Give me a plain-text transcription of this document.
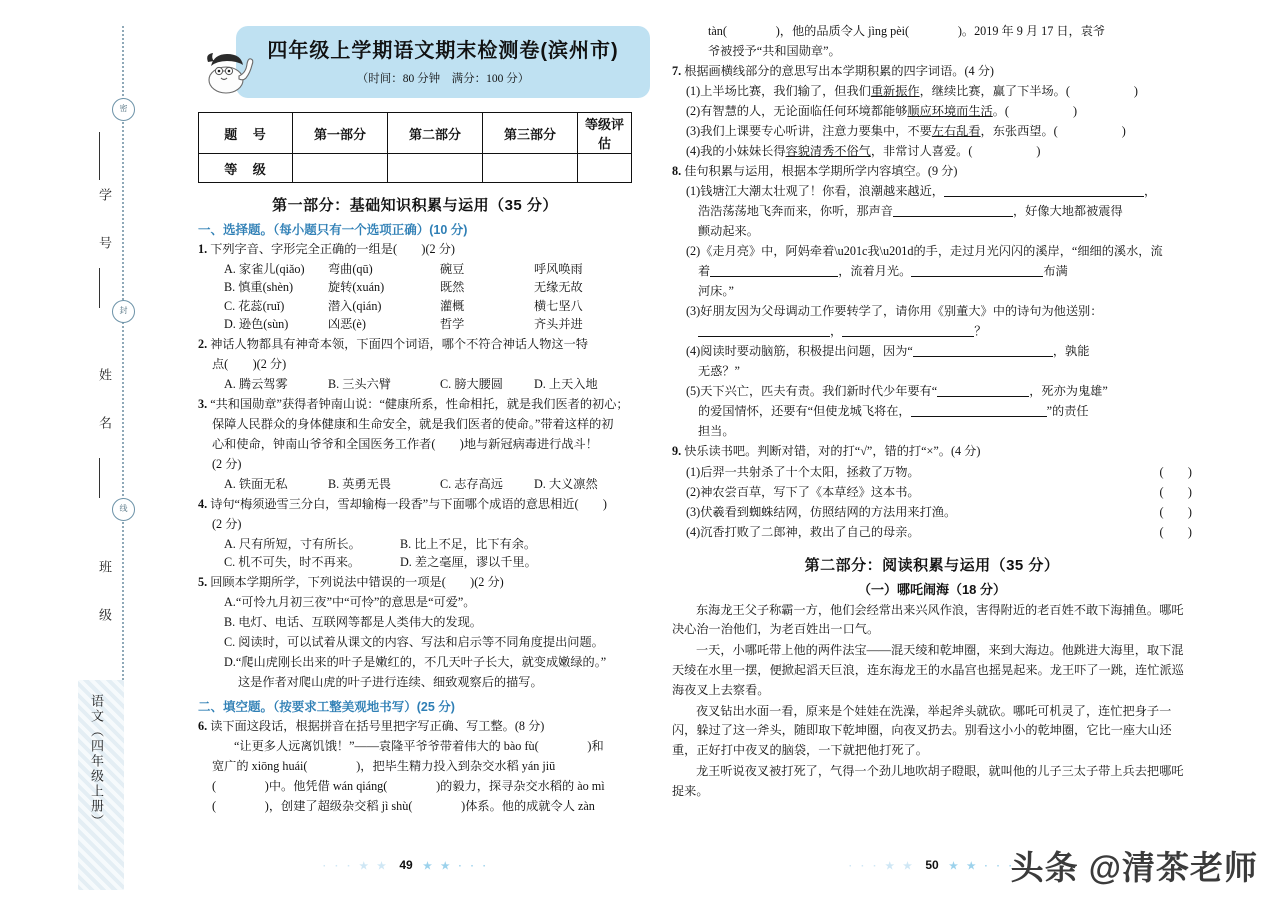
密
封
线
学 号
姓 名
班 级
语文（四年级上册）
四年级上学期语文期末检测卷(滨州市)
（时间：80 分钟　满分：100 分）
题 号	第一部分	第二部分	第三部分	等级评估
等 级				
第一部分：基础知识积累与运用（35 分）
一、选择题。（每小题只有一个选项正确）(10 分)
1. 下列字音、字形完全正确的一组是(　　)(2 分)
A. 家雀儿(qiǎo)	弯曲(qū)	碗豆	呼风唤雨
B. 慎重(shèn)	旋转(xuán)	既然	无缘无故
C. 花蕊(ruǐ)	潜入(qián)	灌概	横七坚八
D. 逊色(sùn)	凶恶(è)	哲学	齐头并进
2. 神话人物都具有神奇本领，下面四个词语，哪个不符合神话人物这一特
点(　　)(2 分)
A. 腾云驾雾	B. 三头六臂	C. 膀大腰圆	D. 上天入地
3. “共和国勋章”获得者钟南山说：“健康所系，性命相托，就是我们医者的初心；
保障人民群众的身体健康和生命安全，就是我们医者的使命。”带着这样的初
心和使命，钟南山爷爷和全国医务工作者(　　)地与新冠病毒进行战斗！
(2 分)
A. 铁面无私	B. 英勇无畏	C. 志存高远	D. 大义凛然
4. 诗句“梅须逊雪三分白，雪却输梅一段香”与下面哪个成语的意思相近(　　)
(2 分)
A. 尺有所短，寸有所长。	B. 比上不足，比下有余。
C. 机不可失，时不再来。	D. 差之毫厘，谬以千里。
5. 回顾本学期所学，下列说法中错误的一项是(　　)(2 分)
A.“可怜九月初三夜”中“可怜”的意思是“可爱”。
B. 电灯、电话、互联网等都是人类伟大的发现。
C. 阅读时，可以试着从课文的内容、写法和启示等不同角度提出问题。
D.“爬山虎刚长出来的叶子是嫩红的，不几天叶子长大，就变成嫩绿的。”
这是作者对爬山虎的叶子进行连续、细致观察后的描写。
二、填空题。（按要求工整美观地书写）(25 分)
6. 读下面这段话，根据拼音在括号里把字写正确、写工整。(8 分)
“让更多人远离饥饿！”——袁隆平爷爷带着伟大的 bào fù(　　　　)和
宽广的 xiōng huái(　　　　)，把毕生精力投入到杂交水稻 yán jiū
(　　　　)中。他凭借 wán qiáng(　　　　)的毅力，探寻杂交水稻的 ào mì
(　　　　)，创建了超级杂交稻 jì shù(　　　　)体系。他的成就令人 zàn
· · · ★ ★ 49 ★ ★ · · ·
tàn(　　　　)，他的品质令人 jìng pèi(　　　　)。2019 年 9 月 17 日，袁爷
爷被授予“共和国勋章”。
7. 根据画横线部分的意思写出本学期积累的四字词语。(4 分)
(1)上半场比赛，我们输了，但我们重新振作，继续比赛，赢了下半场。(	)
(2)有智慧的人，无论面临任何环境都能够顺应环境而生活。(	)
(3)我们上课要专心听讲，注意力要集中，不要左右乱看，东张西望。(	)
(4)我的小妹妹长得容貌清秀不俗气，非常讨人喜爱。(	)
8. 佳句积累与运用，根据本学期所学内容填空。(9 分)
(1)钱塘江大潮太壮观了！你看，浪潮越来越近，	，
浩浩荡荡地飞奔而来，你听，那声音	，好像大地都被震得
颤动起来。
(2)《走月亮》中，阿妈牵着\u201c我\u201d的手，走过月光闪闪的溪岸，“细细的溪水，流
着	，流着月光。	布满
河床。”
(3)好朋友因为父母调动工作要转学了，请你用《别董大》中的诗句为他送别：
，	？
(4)阅读时要动脑筋，积极提出问题，因为“	，孰能
无惑？”
(5)天下兴亡，匹夫有责。我们新时代少年要有“	，死亦为鬼雄”
的爱国情怀，还要有“但使龙城飞将在，	”的责任
担当。
9. 快乐读书吧。判断对错，对的打“√”，错的打“×”。(4 分)
(1)后羿一共射杀了十个太阳，拯救了万物。	(　　)
(2)神农尝百草，写下了《本草经》这本书。	(　　)
(3)伏羲看到蜘蛛结网，仿照结网的方法用来打渔。	(　　)
(4)沉香打败了二郎神，救出了自己的母亲。	(　　)
第二部分：阅读积累与运用（35 分）
（一）哪吒闹海（18 分）
东海龙王父子称霸一方，他们会经常出来兴风作浪，害得附近的老百姓不敢下海捕鱼。哪吒决心治一治他们，为老百姓出一口气。
一天，小哪吒带上他的两件法宝——混天绫和乾坤圈，来到大海边。他跳进大海里，取下混天绫在水里一摆，便掀起滔天巨浪，连东海龙王的水晶宫也摇晃起来。龙王吓了一跳，连忙派巡海夜叉上去察看。
夜叉钻出水面一看，原来是个娃娃在洗澡，举起斧头就砍。哪吒可机灵了，连忙把身子一闪，躲过了这一斧头，随即取下乾坤圈，向夜叉扔去。别看这小小的乾坤圈，它比一座大山还重，正好打中夜叉的脑袋，一下就把他打死了。
龙王听说夜叉被打死了，气得一个劲儿地吹胡子瞪眼，就叫他的儿子三太子带上兵去把哪吒捉来。
· · · ★ ★ 50 ★ ★ · · ·
头条 @清茶老师
